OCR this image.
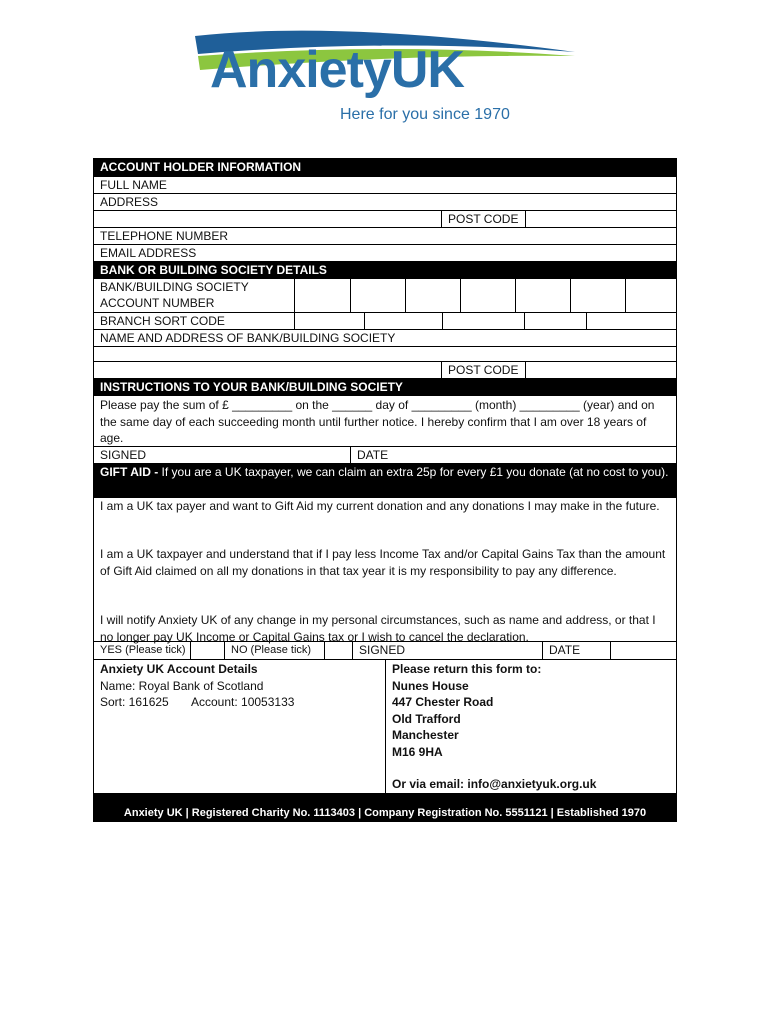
AnxietyUK
Here for you since 1970
ACCOUNT HOLDER INFORMATION
FULL NAME
ADDRESS
POST CODE
TELEPHONE NUMBER
EMAIL ADDRESS
BANK OR BUILDING SOCIETY DETAILS
BANK/BUILDING SOCIETY
ACCOUNT NUMBER
BRANCH SORT CODE
NAME AND ADDRESS OF BANK/BUILDING SOCIETY
POST CODE
INSTRUCTIONS TO YOUR BANK/BUILDING SOCIETY
Please pay the sum of £ _________ on the ______ day of _________ (month) _________ (year) and on the same day of each succeeding month until further notice. I hereby confirm that I am over 18 years of age.
SIGNED	DATE
GIFT AID - If you are a UK taxpayer, we can claim an extra 25p for every £1 you donate (at no cost to you).
I am a UK tax payer and want to Gift Aid my current donation and any donations I may make in the future.
I am a UK taxpayer and understand that if I pay less Income Tax and/or Capital Gains Tax than the amount of Gift Aid claimed on all my donations in that tax year it is my responsibility to pay any difference.
I will notify Anxiety UK of any change in my personal circumstances, such as name and address, or that I no longer pay UK Income or Capital Gains tax or I wish to cancel the declaration.
YES (Please tick)	NO (Please tick)	SIGNED	DATE
Anxiety UK Account Details
Name: Royal Bank of Scotland
Sort: 161625	Account: 10053133
Please return this form to:
Nunes House
447 Chester Road
Old Trafford
Manchester
M16 9HA
Or via email: info@anxietyuk.org.uk
Anxiety UK | Registered Charity No. 1113403 | Company Registration No. 5551121 | Established 1970
